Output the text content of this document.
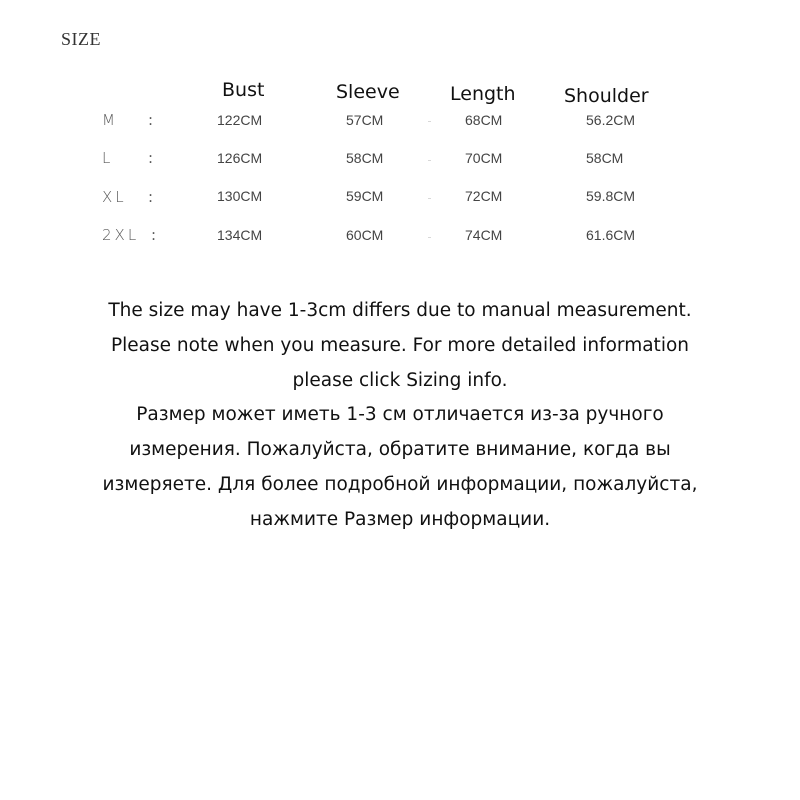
SIZE
Bust	Sleeve	Length	Shoulder
M :	122CM	57CM	68CM	56.2CM
L :	126CM	58CM	70CM	58CM
XL :	130CM	59CM	72CM	59.8CM
2XL :	134CM	60CM	74CM	61.6CM
The size may have 1-3cm differs due to manual measurement.
Please note when you measure. For more detailed information
please click Sizing info.
Размер может иметь 1-3 см отличается из-за ручного
измерения. Пожалуйста, обратите внимание, когда вы
измеряете. Для более подробной информации, пожалуйста,
нажмите Размер информации.
